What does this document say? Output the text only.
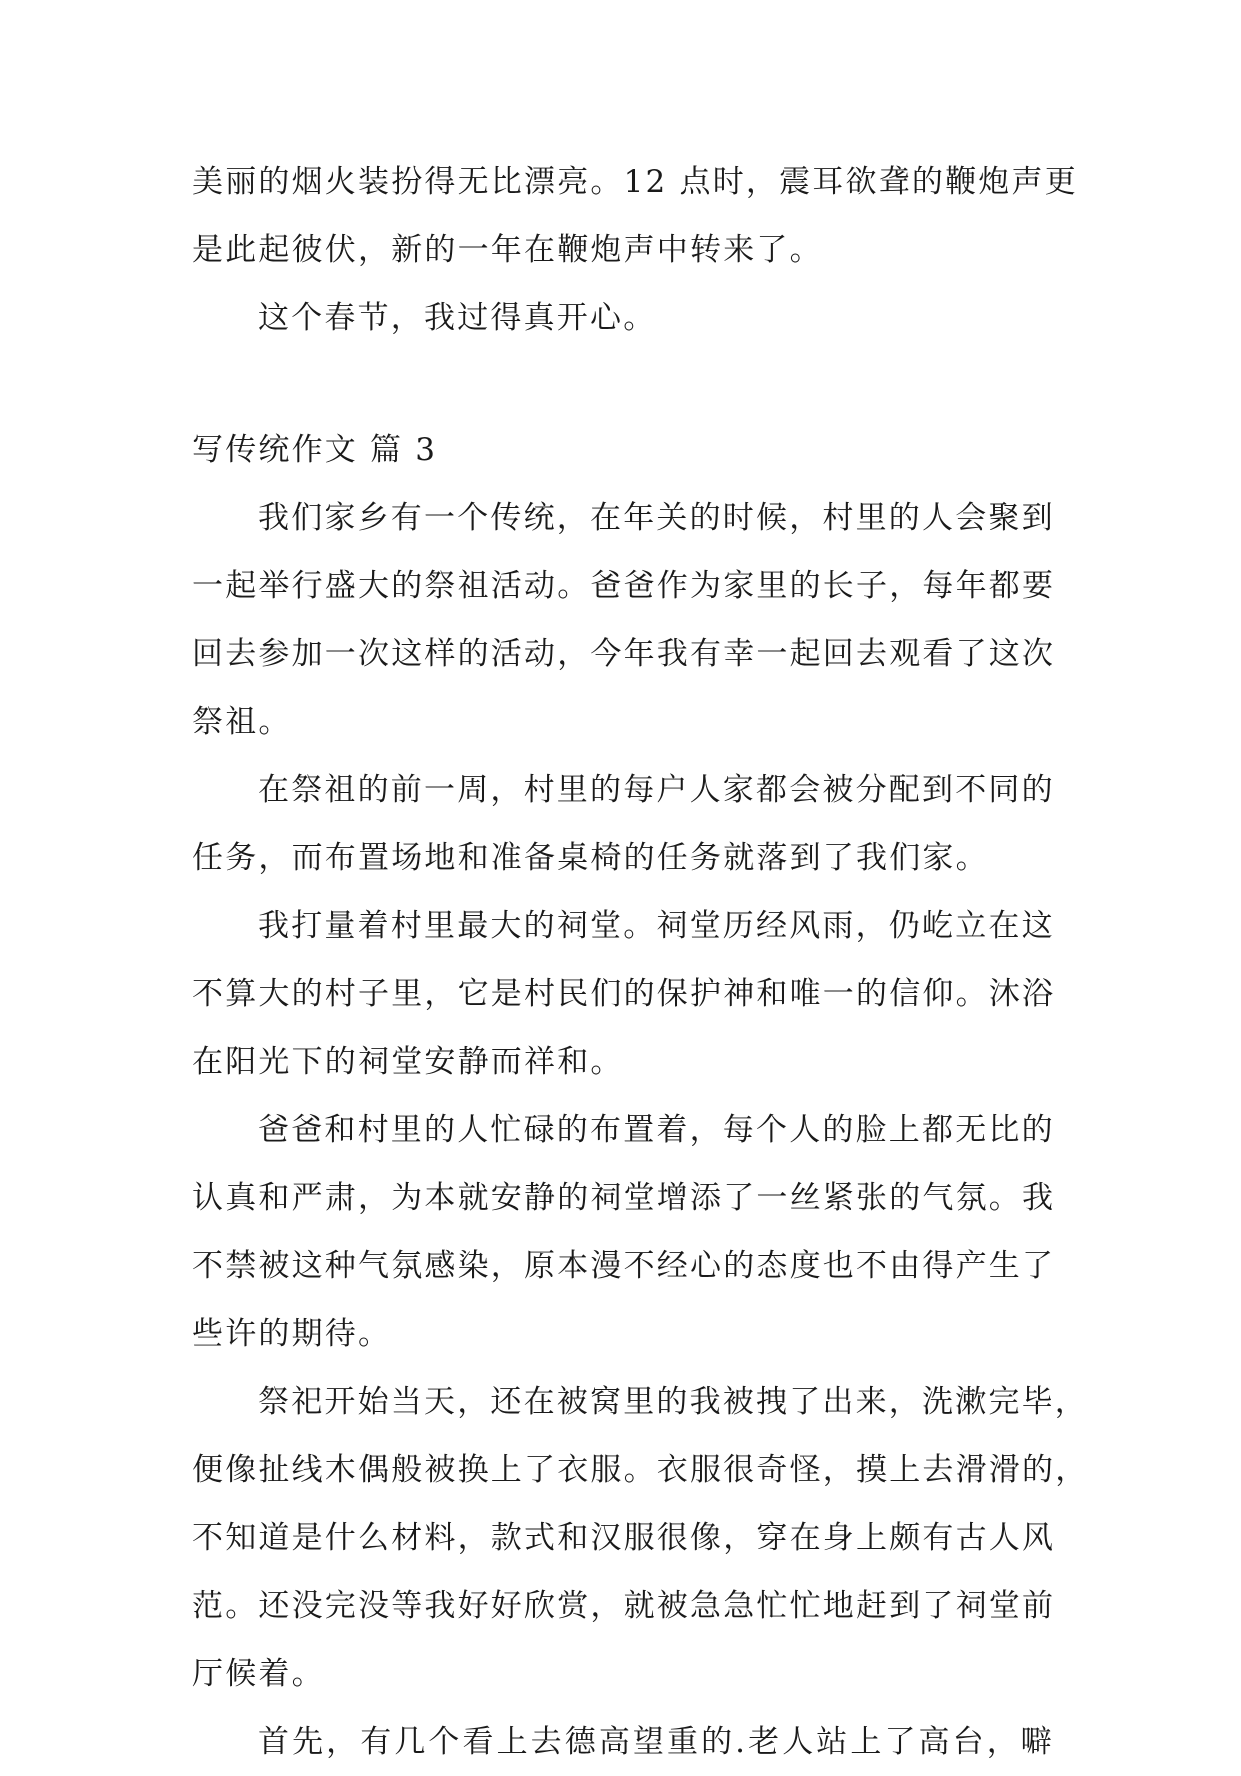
美丽的烟火装扮得无比漂亮。12 点时，震耳欲聋的鞭炮声更
是此起彼伏，新的一年在鞭炮声中转来了。
这个春节，我过得真开心。
写传统作文 篇 3
我们家乡有一个传统，在年关的时候，村里的人会聚到
一起举行盛大的祭祖活动。爸爸作为家里的长子，每年都要
回去参加一次这样的活动，今年我有幸一起回去观看了这次
祭祖。
在祭祖的前一周，村里的每户人家都会被分配到不同的
任务，而布置场地和准备桌椅的任务就落到了我们家。
我打量着村里最大的祠堂。祠堂历经风雨，仍屹立在这
不算大的村子里，它是村民们的保护神和唯一的信仰。沐浴
在阳光下的祠堂安静而祥和。
爸爸和村里的人忙碌的布置着，每个人的脸上都无比的
认真和严肃，为本就安静的祠堂增添了一丝紧张的气氛。我
不禁被这种气氛感染，原本漫不经心的态度也不由得产生了
些许的期待。
祭祀开始当天，还在被窝里的我被拽了出来，洗漱完毕，
便像扯线木偶般被换上了衣服。衣服很奇怪，摸上去滑滑的，
不知道是什么材料，款式和汉服很像，穿在身上颇有古人风
范。还没完没等我好好欣赏，就被急急忙忙地赶到了祠堂前
厅候着。
首先，有几个看上去德高望重的.老人站上了高台，噼
